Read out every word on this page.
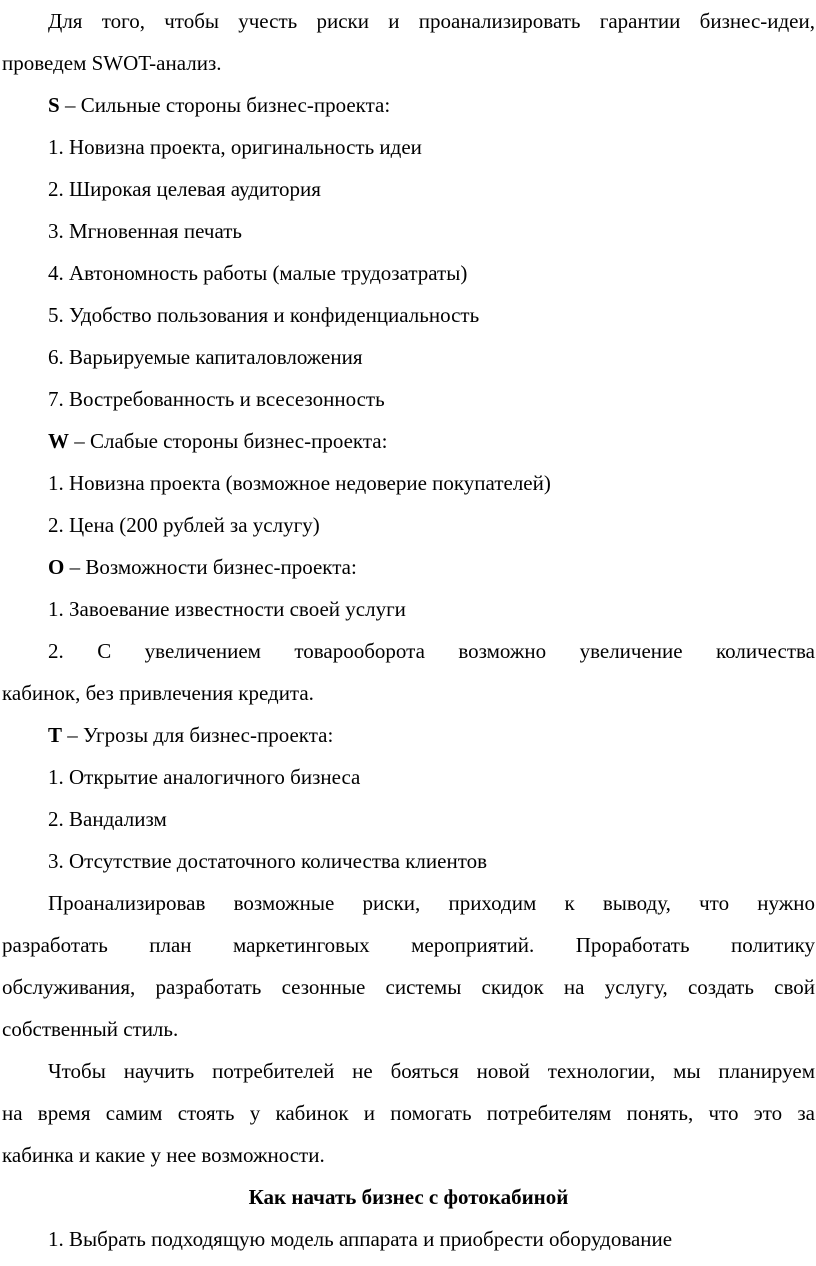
Для того, чтобы учесть риски и проанализировать гарантии бизнес-идеи,
проведем SWOT-анализ.
S – Сильные стороны бизнес-проекта:
1. Новизна проекта, оригинальность идеи
2. Широкая целевая аудитория
3. Мгновенная печать
4. Автономность работы (малые трудозатраты)
5. Удобство пользования и конфиденциальность
6. Варьируемые капиталовложения
7. Востребованность и всесезонность
W – Слабые стороны бизнес-проекта:
1. Новизна проекта (возможное недоверие покупателей)
2. Цена (200 рублей за услугу)
O – Возможности бизнес-проекта:
1. Завоевание известности своей услуги
2. С увеличением товарооборота возможно увеличение количества
кабинок, без привлечения кредита.
T – Угрозы для бизнес-проекта:
1. Открытие аналогичного бизнеса
2. Вандализм
3. Отсутствие достаточного количества клиентов
Проанализировав возможные риски, приходим к выводу, что нужно
разработать план маркетинговых мероприятий. Проработать политику
обслуживания, разработать сезонные системы скидок на услугу, создать свой
собственный стиль.
Чтобы научить потребителей не бояться новой технологии, мы планируем
на время самим стоять у кабинок и помогать потребителям понять, что это за
кабинка и какие у нее возможности.
Как начать бизнес с фотокабиной
1. Выбрать подходящую модель аппарата и приобрести оборудование
